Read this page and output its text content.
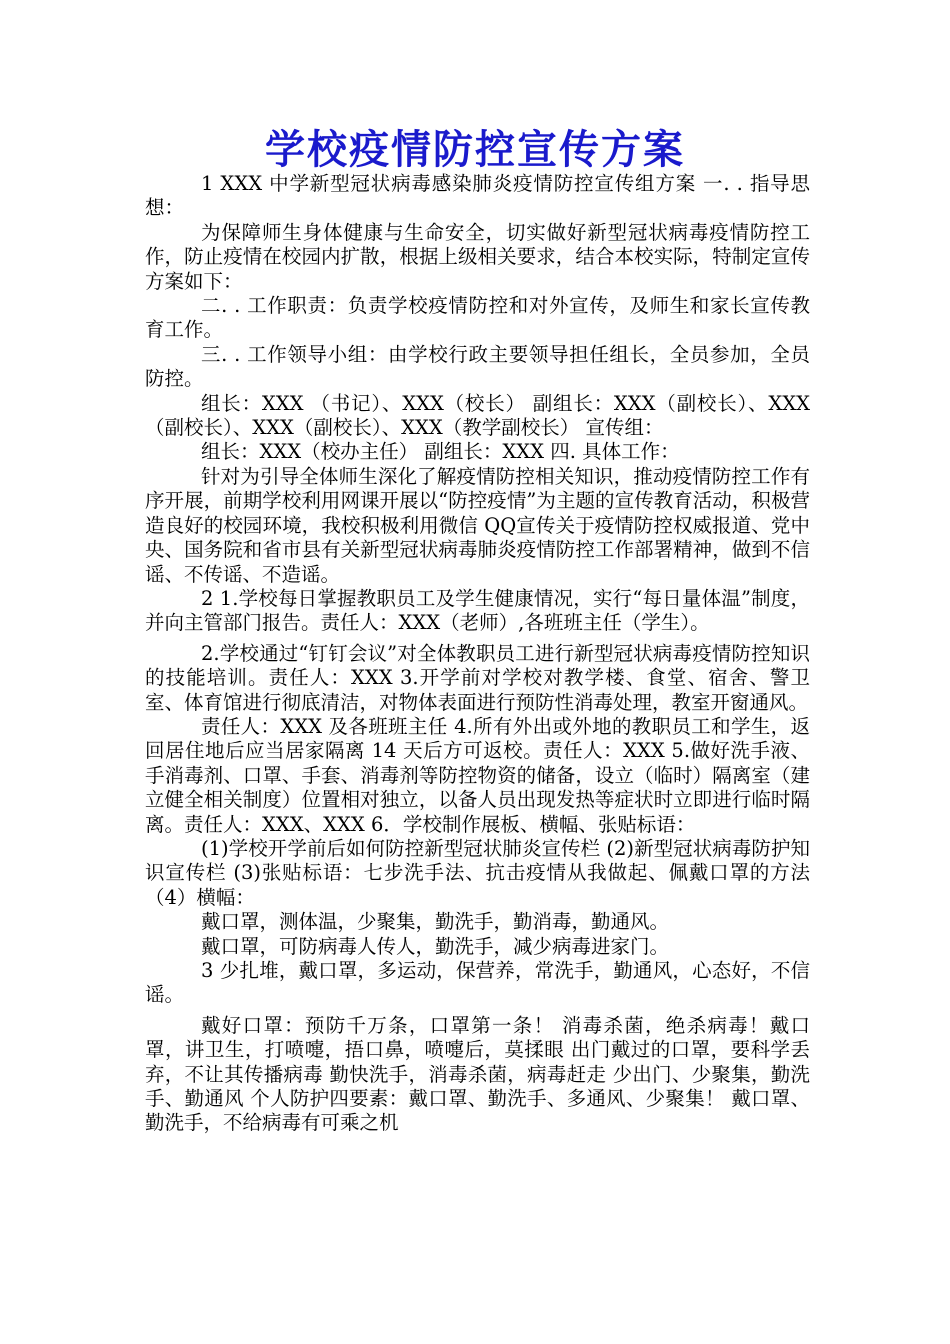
学校疫情防控宣传方案

1 XXX 中学新型冠状病毒感染肺炎疫情防控宣传组方案 一. . 指导思想：

为保障师生身体健康与生命安全，切实做好新型冠状病毒疫情防控工作，防止疫情在校园内扩散，根据上级相关要求，结合本校实际，特制定宣传方案如下：

二. . 工作职责：负责学校疫情防控和对外宣传，及师生和家长宣传教育工作。

三. . 工作领导小组：由学校行政主要领导担任组长，全员参加，全员防控。

组长：XXX （书记）、XXX（校长） 副组长：XXX（副校长）、XXX（副校长）、XXX（副校长）、XXX（教学副校长） 宣传组：

组长：XXX（校办主任） 副组长：XXX 四. 具体工作：

针对为引导全体师生深化了解疫情防控相关知识，推动疫情防控工作有序开展，前期学校利用网课开展以“防控疫情”为主题的宣传教育活动，积极营造良好的校园环境，我校积极利用微信 QQ宣传关于疫情防控权威报道、党中央、国务院和省市县有关新型冠状病毒肺炎疫情防控工作部署精神，做到不信谣、不传谣、不造谣。

2 1.学校每日掌握教职员工及学生健康情况，实行“每日量体温”制度，并向主管部门报告。责任人：XXX（老师）,各班班主任（学生）。

2.学校通过“钉钉会议”对全体教职员工进行新型冠状病毒疫情防控知识的技能培训。责任人：XXX 3.开学前对学校对教学楼、食堂、宿舍、警卫室、体育馆进行彻底清洁，对物体表面进行预防性消毒处理，教室开窗通风。

责任人：XXX 及各班班主任 4.所有外出或外地的教职员工和学生，返回居住地后应当居家隔离 14 天后方可返校。责任人：XXX 5.做好洗手液、手消毒剂、口罩、手套、消毒剂等防控物资的储备，设立（临时）隔离室（建立健全相关制度）位置相对独立，以备人员出现发热等症状时立即进行临时隔离。责任人：XXX、XXX 6．学校制作展板、横幅、张贴标语：

(1)学校开学前后如何防控新型冠状肺炎宣传栏 (2)新型冠状病毒防护知识宣传栏 (3)张贴标语：七步洗手法、抗击疫情从我做起、佩戴口罩的方法 （4）横幅：

戴口罩，测体温，少聚集，勤洗手，勤消毒，勤通风。

戴口罩，可防病毒人传人，勤洗手，减少病毒进家门。

3 少扎堆，戴口罩，多运动，保营养，常洗手，勤通风，心态好，不信谣。

戴好口罩：预防千万条，口罩第一条！ 消毒杀菌，绝杀病毒！戴口罩，讲卫生，打喷嚏，捂口鼻，喷嚏后，莫揉眼 出门戴过的口罩，要科学丢弃，不让其传播病毒 勤快洗手，消毒杀菌，病毒赶走 少出门、少聚集，勤洗手、勤通风 个人防护四要素：戴口罩、勤洗手、多通风、少聚集！ 戴口罩、勤洗手，不给病毒有可乘之机
